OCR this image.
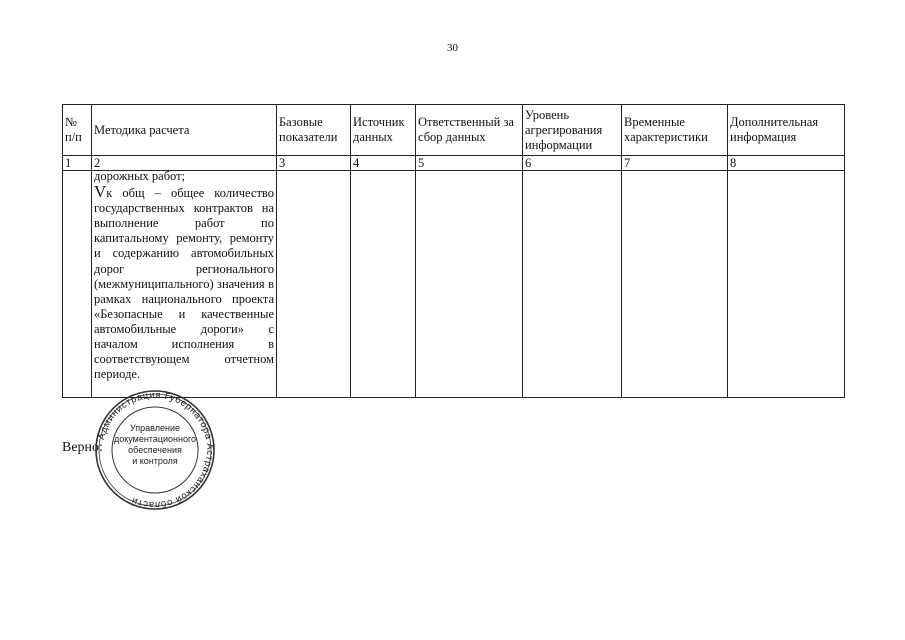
30
№ п/п	Методика расчета	Базовые показатели	Источник данных	Ответственный за сбор данных	Уровень агрегирования информации	Временные характеристики	Дополнительная информация
1	2	3	4	5	6	7	8

	дорожных работ;
Vк общ – общее количество государственных контрактов на выполнение работ по капитальному ремонту, ремонту и содержанию автомобильных дорог регионального (межмуниципального) значения в рамках национального проекта «Безопасные и качественные автомобильные дороги» с началом исполнения в соответствующем отчетном периоде.						

Верно:
Администрация Губернатора Астраханской области
Управление
документационного
обеспечения
и контроля
